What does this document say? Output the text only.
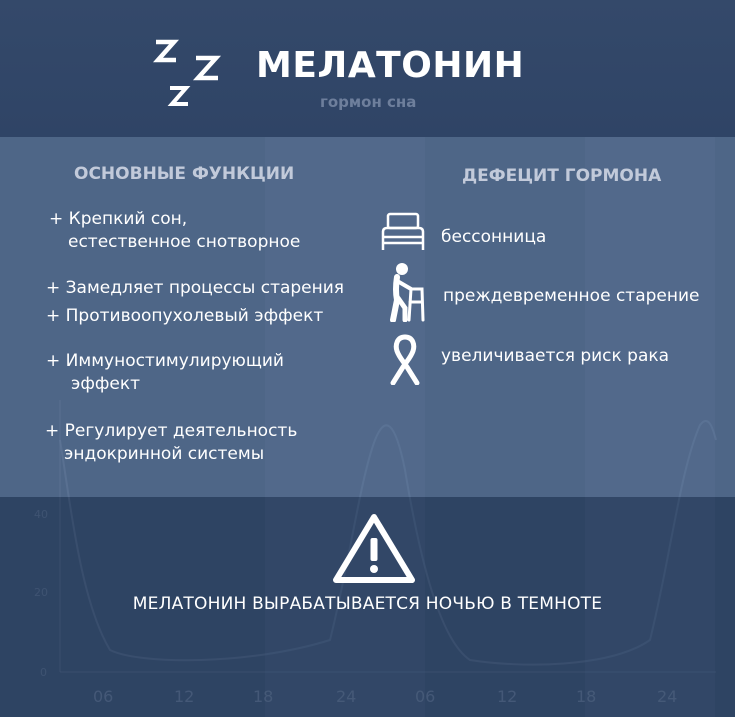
МЕЛАТОНИН
гормон сна
ОСНОВНЫЕ ФУНКЦИИ
+ Крепкий сон,
естественное снотворное
+ Замедляет процессы старения
+ Противоопухолевый эффект
+ Иммуностимулирующий
эффект
+ Регулирует деятельность
эндокринной системы
ДЕФЕЦИТ ГОРМОНА
бессонница
преждевременное старение
увеличивается риск рака
МЕЛАТОНИН ВЫРАБАТЫВАЕТСЯ НОЧЬЮ В ТЕМНОТЕ
